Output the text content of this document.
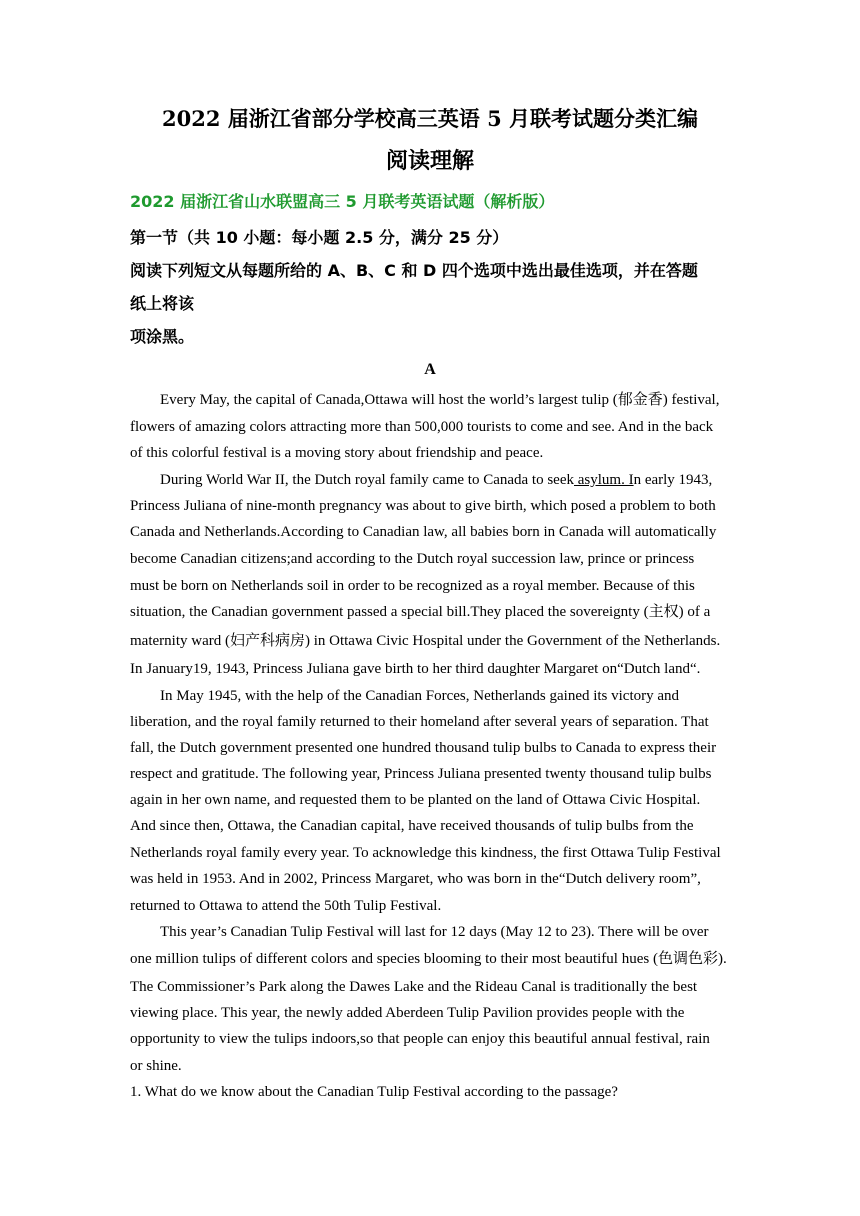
2022 届浙江省部分学校高三英语 5 月联考试题分类汇编
阅读理解
2022 届浙江省山水联盟高三 5 月联考英语试题（解析版）
第一节（共 10 小题：每小题 2.5 分，满分 25 分）
阅读下列短文从每题所给的 A、B、C 和 D 四个选项中选出最佳选项，并在答题
纸上将该
项涂黑。
A
Every May, the capital of Canada,Ottawa will host the world’s largest tulip (郁金香) festival,
flowers of amazing colors attracting more than 500,000 tourists to come and see. And in the back
of this colorful festival is a moving story about friendship and peace.
During World War II, the Dutch royal family came to Canada to seek asylum. In early 1943,
Princess Juliana of nine-month pregnancy was about to give birth, which posed a problem to both
Canada and Netherlands.According to Canadian law, all babies born in Canada will automatically
become Canadian citizens;and according to the Dutch royal succession law, prince or princess
must be born on Netherlands soil in order to be recognized as a royal member. Because of this
situation, the Canadian government passed a special bill.They placed the sovereignty (主权) of a
maternity ward (妇产科病房) in Ottawa Civic Hospital under the Government of the Netherlands.
In January19, 1943, Princess Juliana gave birth to her third daughter Margaret on“Dutch land“.
In May 1945, with the help of the Canadian Forces, Netherlands gained its victory and
liberation, and the royal family returned to their homeland after several years of separation. That
fall, the Dutch government presented one hundred thousand tulip bulbs to Canada to express their
respect and gratitude. The following year, Princess Juliana presented twenty thousand tulip bulbs
again in her own name, and requested them to be planted on the land of Ottawa Civic Hospital.
And since then, Ottawa, the Canadian capital, have received thousands of tulip bulbs from the
Netherlands royal family every year. To acknowledge this kindness, the first Ottawa Tulip Festival
was held in 1953. And in 2002, Princess Margaret, who was born in the“Dutch delivery room”,
returned to Ottawa to attend the 50th Tulip Festival.
This year’s Canadian Tulip Festival will last for 12 days (May 12 to 23). There will be over
one million tulips of different colors and species blooming to their most beautiful hues (色调色彩).
The Commissioner’s Park along the Dawes Lake and the Rideau Canal is traditionally the best
viewing place. This year, the newly added Aberdeen Tulip Pavilion provides people with the
opportunity to view the tulips indoors,so that people can enjoy this beautiful annual festival, rain
or shine.
1. What do we know about the Canadian Tulip Festival according to the passage?
